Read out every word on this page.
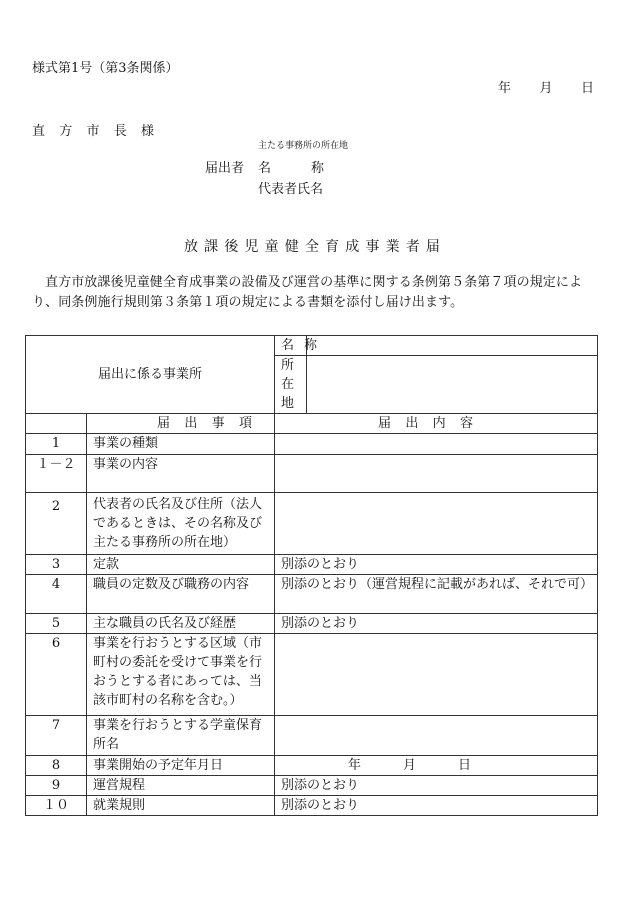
様式第1号（第3条関係）
年 月 日
直 方 市 長 様
主たる事務所の所在地
届出者 名	称
代表者氏名
放 課 後 児 童 健 全 育 成 事 業 者 届
直方市放課後児童健全育成事業の設備及び運営の基準に関する条例第５条第７項の規定により、同条例施行規則第３条第１項の規定による書類を添付し届け出ます。
届出に係る事業所		名 称	

		所在地	

	届 出 事 項	届 出 内 容	

1	事業の種類		
１－２	事業の内容		
2	代表者の氏名及び住所（法人であるときは、その名称及び主たる事務所の所在地）		
3	定款	別添のとおり	
4	職員の定数及び職務の内容	別添のとおり（運営規程に記載があれば、それで可）	
5	主な職員の氏名及び経歴	別添のとおり	
6	事業を行おうとする区域（市町村の委託を受けて事業を行おうとする者にあっては、当該市町村の名称を含む。）		
7	事業を行おうとする学童保育所名		
8	事業開始の予定年月日	年 月 日	

9	運営規程	別添のとおり	
１０	就業規則	別添のとおり	
